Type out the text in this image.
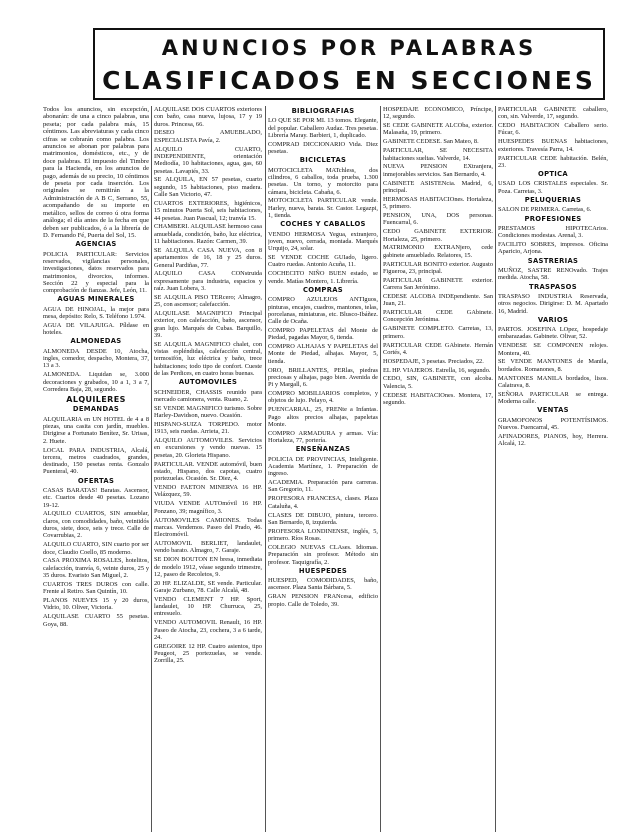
ANUNCIOS POR PALABRAS
CLASIFICADOS EN SECCIONES

Todos los anuncios, sin excepción, abonarán: de una a cinco palabras, una peseta; por cada palabra más, 15 céntimos. Las abreviaturas y cada cinco cifras se cobrarán como palabra. Los anuncios se abonan por palabras para matrimonios, domésticos, etc., y de doce palabras. El impuesto del Timbre para la Hacienda, en los anuncios de pago, además de su precio, 10 céntimos de peseta por cada inserción. Los originales se remitirán a la Administración de A B C, Serrano, 55, acompañando de su importe en metálico, sellos de correo ú otra forma análoga; el día antes de la fecha en que deben ser publicados, ó a la librería de D. Fernando Fé, Puerta del Sol, 15.

AGENCIAS

POLICIA PARTICULAR: Servicios reservados, vigilancias personales, investigaciones, datos reservados para matrimonios, divorcios, informes. Sección 22 y especial para la comprobación de fianzas. Jefe, León, 11.

AGUAS MINERALES

AGUA DE HINOJAL, la mejor para mesa, depósito: Relo, S. Teléfono 1.974.

AGUA DE VILAJUIGA. Píldase en hoteles.

ALMONEDAS

ALMONEDA DESDE 10, Atocha, ingles, comedor, despacho, Montera, 37, 13 a 3.

ALMONEDA. Liquidan se, 3.000 decoraciones y grabados, 10 a 1, 3 a 7, Corredera Baja, 28, segundo.

ALQUILERES
DEMANDAS

ALQUILARIA en UN HOTEL de 4 a 8 piezas, una casita con jardín, muebles. Dirigirse a Fortunato Benítez, Sr. Urisas, 2. Huete.

LOCAL PARA INDUSTRIA, Alcalá, tercera, metros cuadrados, grandes, destinado, 150 pesetas renta. Gonzalo Puenteral, 40.

OFERTAS

CASAS BARATAS! Baratas. Ascensor, etc. Cuartos desde 40 pesetas. Lozano 19-12.

ALQUILO CUARTOS, SIN amueblar, claros, con comodidades, baño, veintidós duros, siete, doce, seis y trece. Calle de Covarrubias, 2.

ALQUILO CUARTO, SIN cuarto por ser doce, Claudio Coello, 85 moderno.

CASA PROXIMA ROSALES, hotelitos, calefacción, tranvía, 6, veinte duros, 25 y 35 duros. Evaristo San Miguel, 2.

CUARTOS TRES DUROS con calle. Frente al Retiro. San Quintín, 10.

PLANOS NUEVES 15 y 20 duros, Vidrio, 10. Oliver, Victoria.

ALQUILASE CUARTO 55 pesetas. Goya, 88.

ALQUILASE DOS CUARTOS exteriores con baño, casa nueva, lujosa, 17 y 19 duros. Princesa, 66.

DESEO AMUEBLADO, ESPECIALISTA Pavía, 2.

ALQUILO CUARTO, INDEPENDIENTE, orientación Mediodía, 10 habitaciones, agua, gas, 60 pesetas. Lavapiés, 33.

SE ALQUILA, EN 57 pesetas, cuarto segundo, 15 habitaciones, piso madera. Calle San Victorio, 47.

CUARTOS EXTERIORES, higiénicos, 15 minutos Puerta Sol, seis habitaciones, 44 pesetas. Juan Pascual, 12; tranvía 15.

CHAMBERI. ALQUILASE hermoso casa amueblada, condición, baño, luz eléctrica, 11 habitaciones. Razón: Carmen, 39.

SE ALQUILA CASA NUEVA, con 8 apartamentos de 16, 18 y 25 duros. General Pardiñas, 77.

ALQUILO CASA CONstruida expresamente para industria, espacios y raíz. Juan Lobera, 3.

SE ALQUILA PISO TERcero; Almagro, 25, con ascensor; calefacción.

ALQUILASE MAGNIFICO Principal exterior, con calefacción, baño, ascensor, gran lujo. Marqués de Cubas. Barquillo, 39.

SE ALQUILA MAGNIFICO chalet, con vistas espléndidas, calefacción central, termosifón, luz eléctrica y baño, trece habitaciones; todo tipo de confort. Cueste de las Perdices, en cuatro horas buenas.

AUTOMOVILES

SCHNEIDER, CHASSIS reunido para mercado camionera, venta. Ruano, 2.

SE VENDE MAGNIFICO turismo. Sobre Harley-Davidson, nuevo. Ocasión.

HISPANO-SUIZA TORPEDO. motor 1913, seis ruedas. Arrieta, 21.

ALQUILO AUTOMOVILES. Servicios en excursiones y vendo nuevas. 15 pesetas, 20. Glorieta Hispano.

PARTICULAR. VENDE automóvil, buen estado, Hispano, dos capotas, cuatro portezuelas. Ocasión. Sr. Diez, 4.

VENDO FAETON MINERVA 16 HP. Velázquez, 59.

VIUDA VENDE AUTOmóvil 16 HP. Ponzano, 39; magnífico, 3.

AUTOMOVILES CAMIONES. Todas marcas. Vendemos. Paseo del Prado, 46. Electromóvil.

AUTOMOVIL BERLIET, landaulet, vendo barato. Almagro, 7. Garaje.

SE DION BOUTON EN bresa, inmediata de modelo 1912, véase segundo trimestre, 12, paseo de Recoletos, 9.

20 HP. ELIZALDE, SE vende. Particular. Garaje Zurbano, 78. Calle Alcalá, 48.

VENDO CLEMENT 7 HP. Sport, landaulet, 10 HP. Churruca, 25, entresuelo.

VENDO AUTOMOVIL Renault, 16 HP. Paseo de Atocha, 23, cochera, 3 a 6 tarde, 24.

GREGOIRE 12 HP. Cuatro asientos, tipo Peugeot, 25 portezuelas, se vende. Zorrilla, 25.

BIBLIOGRAFIAS

LO QUE SE POR MI. 13 tomos. Elegante, del popular. Caballero Audaz. Tres pesetas. Librería Maray. Barbieri, 1, duplicado.

COMPRAD DICCIONARIO Vida. Diez pesetas.

BICICLETAS

MOTOCICLETA MATchless, dos cilindros, 6 caballos, toda prueba, 1.300 pesetas. Un torno, y motorcito para cámara, bicicleta. Cabaña, 6.

MOTOCICLETA PARTICULAR vende. Harley, nueva, barata. Sr. Castor. Legazpi, 1, tienda.

COCHES Y CABALLOS

VENDO HERMOSA Yegua, extranjero, joven, nuevo, cerrada, montada. Marqués Urquijo, 24, solar.

SE VENDE COCHE GUIado, ligero. Cuatro ruedas. Antonio Acuña, 11.

COCHECITO NIÑO BUEN estado, se vende. Matías Montero, 1. Librería.

COMPRAS

COMPRO AZULEJOS ANTIguos, pinturas, encajes, cuadros, mantones, telas, porcelanas, miniaturas, etc. Blusco-Ibáñez. Calle de Ocaña.

COMPRO PAPELETAS del Monte de Piedad, pagadas Mayor, 6, tienda.

COMPRO ALHAJAS Y PAPELETAS del Monte de Piedad, alhajas. Mayor, 5, tienda.

ORO, BRILLANTES, PERlas, piedras preciosas y alhajas, pago bien. Avenida de Pi y Margall, 6.

COMPRO MOBILIARIOS completos, y objetos de lujo. Pelayo, 4.

PUENCARRAL, 25, FRENte a Infantas. Pago altos precios alhajas, papeletas Monte.

COMPRO ARMADURA y armas. Vía: Hortaleza, 77, portería.

ENSEÑANZAS

POLICIA DE PROVINCIAS, Inteligente. Academia Martínez, 1. Preparación de ingreso.

ACADEMIA. Preparación para carreras. San Gregorio, 11.

PROFESORA FRANCESA, clases. Plaza Cataluña, 4.

CLASES DE DIBUJO, pintura, tercero. San Bernardo, 8, izquierda.

PROFESORA LONDINENSE, inglés, 5, primero. Ríos Rosas.

COLEGIO NUEVAS CLAses. Idiomas. Preparación sin profesor. Método sin profesor. Taquigrafía, 2.

HUESPEDES

HUESPED, COMODIDADES, baño, ascensor. Plaza Santa Bárbara, 5.

GRAN PENSION FRANcesa, edificio propio. Calle de Toledo, 39.

HOSPEDAJE ECONOMICO, Príncipe, 12, segundo.

SE CEDE GABINETE ALCOba, exterior. Malasaña, 19, primero.

GABINETE CEDESE. San Mateo, 8.

PARTICULAR, SE NECESITA habitaciones sueltas. Valverde, 14.

NUEVA PENSION EXtranjera, inmejorables servicios. San Bernardo, 4.

CABINETE ASISTENcia. Madrid, 6, principal.

HERMOSAS HABITACIOnes. Hortaleza, 5, primero.

PENSION, UNA, DOS personas. Fuencarral, 6.

CEDO GABINETE EXTERIOR. Hortaleza, 25, primero.

MATRIMONIO EXTRANjero, cede gabinete amueblado. Relatores, 15.

PARTICULAR BONITO exterior. Augusto Figueroa, 23, principal.

PARTICULAR GABINETE exterior. Carrera San Jerónimo.

CEDESE ALCOBA INDEpendiente. San Juan, 21.

PARTICULAR CEDE GAbinete. Concepción Jerónima.

GABINETE COMPLETO. Carretas, 13, primero.

PARTICULAR CEDE GAbinete. Hernán Cortés, 4.

HOSPEDAJE, 3 pesetas. Preciados, 22.

EL HP. VIAJEROS. Estrella, 16, segundo.

CEDO, SIN, GABINETE, con alcoba. Valencia, 5.

CEDESE HABITACIOnes. Montera, 17, segundo.

PARTICULAR GABINETE caballero, con, sin. Valverde, 17, segundo.

CEDO HABITACION Caballero serio. Fúcar, 6.

HUESPEDES BUENAS habitaciones, exteriores. Travesía Parra, 14.

PARTICULAR CEDE habitación. Belén, 23.

OPTICA

USAD LOS CRISTALES especiales. Sr. Poza. Carretas, 3.

PELUQUERIAS

SALON DE PRIMERA. Carretas, 6.

PROFESIONES

PRESTAMOS HIPOTECArios. Condiciones modestas. Arenal, 3.

FACILITO SOBRES, impresos. Oficina Aparicio, Arjona.

SASTRERIAS

MUÑOZ, SASTRE RENOvado. Trajes medida. Atocha, 58.

TRASPASOS

TRASPASO INDUSTRIA Reservada, otros negocios. Dirigirse: D. M. Apartado 16, Madrid.

VARIOS

PARTOS. JOSEFINA LOpez, hospedaje embarazadas. Gabinete. Olivar, 52.

VENDESE SE COMPONEN relojes. Montera, 40.

SE VENDE MANTONES de Manila, bordados. Romanones, 8.

MANTONES MANILA bordados, lisos. Calatrava, 8.

SEÑORA PARTICULAR se entrega. Moderna calle.

VENTAS

GRAMOFONOS POTENTÍSIMOS. Nuevos. Fuencarral, 45.

AFINADORES, PIANOS, hoy, Herrera. Alcalá, 12.
